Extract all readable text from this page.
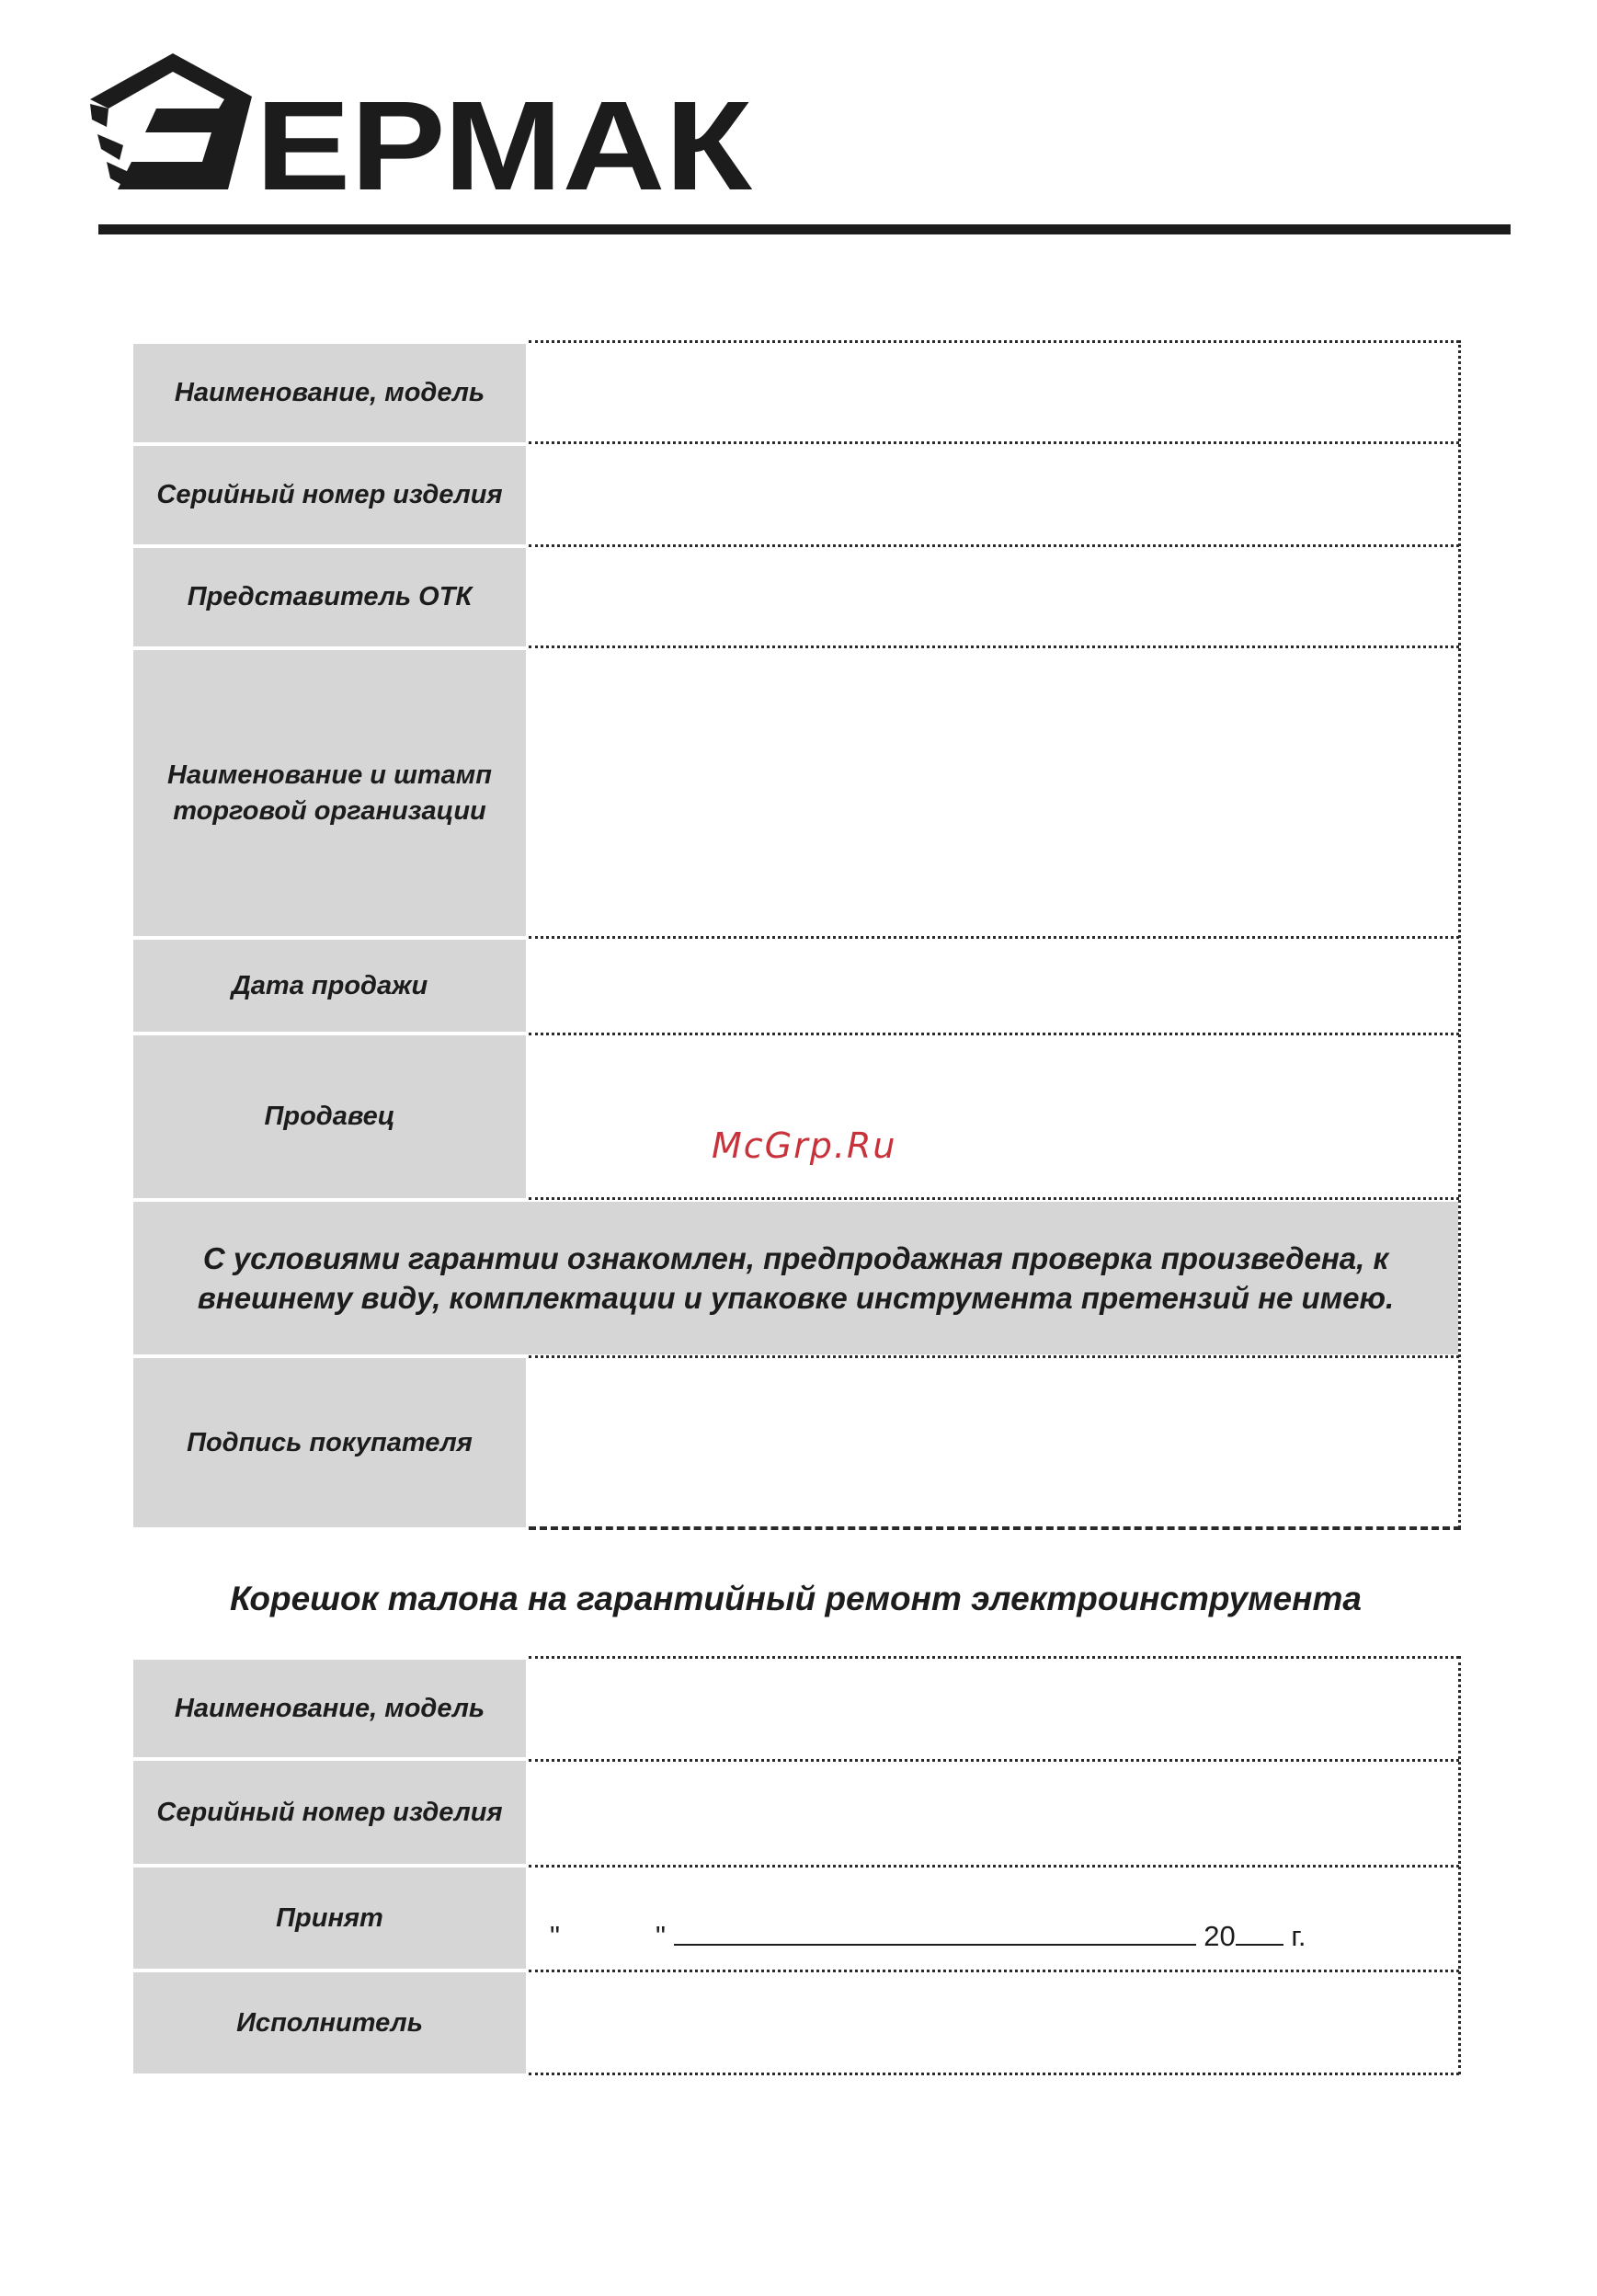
ЕРМАК
Наименование, модель
Серийный номер изделия
Представитель ОТК
Наименование и штамп торговой организации
Дата продажи
Продавец
С условиями гарантии ознакомлен, предпродажная проверка произведена, к внешнему виду, комплектации и упаковке инструмента претензий не имею.
Подпись покупателя
McGrp.Ru
Корешок талона на гарантийный ремонт электроинструмента
Наименование, модель
Серийный номер изделия
Принят
Исполнитель
"	"	20 г.
